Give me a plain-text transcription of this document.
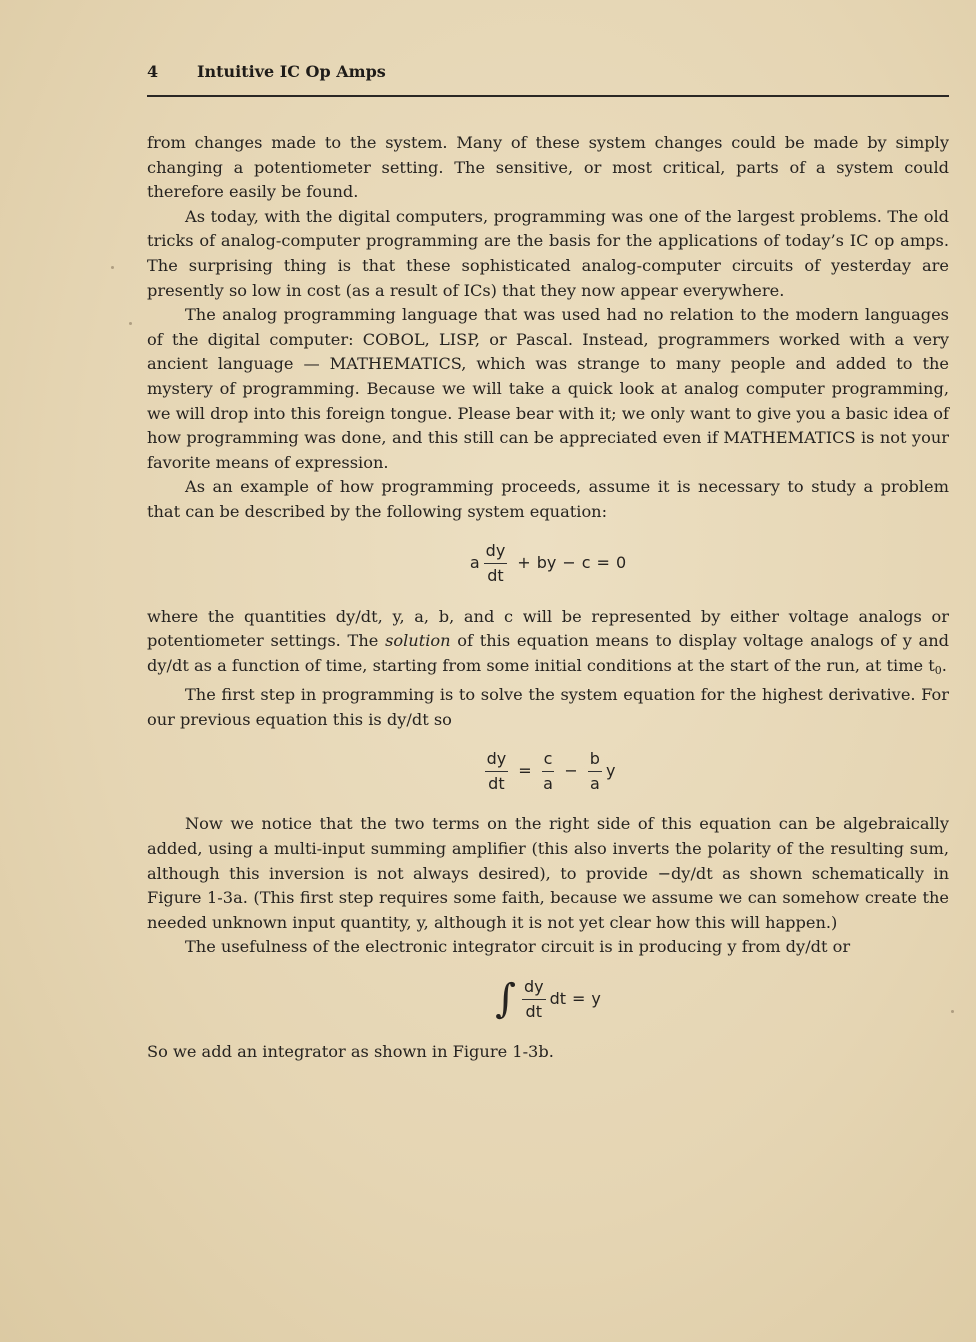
4 Intuitive IC Op Amps

from changes made to the system. Many of these system changes could be made by simply changing a potentiometer setting. The sensitive, or most critical, parts of a system could therefore easily be found.

As today, with the digital computers, programming was one of the largest problems. The old tricks of analog-computer programming are the basis for the applications of today’s IC op amps. The surprising thing is that these sophisticated analog-computer circuits of yesterday are presently so low in cost (as a result of ICs) that they now appear everywhere.

The analog programming language that was used had no relation to the modern languages of the digital computer: COBOL, LISP, or Pascal. Instead, programmers worked with a very ancient language — MATHEMATICS, which was strange to many people and added to the mystery of programming. Because we will take a quick look at analog computer programming, we will drop into this foreign tongue. Please bear with it; we only want to give you a basic idea of how programming was done, and this still can be appreciated even if MATHEMATICS is not your favorite means of expression.

As an example of how programming proceeds, assume it is necessary to study a problem that can be described by the following system equation:

a $\frac{dy}{dt}$ + by − c = 0

where the quantities dy/dt, y, a, b, and c will be represented by either voltage analogs or potentiometer settings. The solution of this equation means to display voltage analogs of y and dy/dt as a function of time, starting from some initial conditions at the start of the run, at time $t_0$.

The first step in programming is to solve the system equation for the highest derivative. For our previous equation this is dy/dt so

$\frac{dy}{dt} = \frac{c}{a} - \frac{b}{a}$ y

Now we notice that the two terms on the right side of this equation can be algebraically added, using a multi-input summing amplifier (this also inverts the polarity of the resulting sum, although this inversion is not always desired), to provide −dy/dt as shown schematically in Figure 1-3a. (This first step requires some faith, because we assume we can somehow create the needed unknown input quantity, y, although it is not yet clear how this will happen.)

The usefulness of the electronic integrator circuit is in producing y from dy/dt or

∫ $\frac{dy}{dt}$ dt = y

So we add an integrator as shown in Figure 1-3b.
